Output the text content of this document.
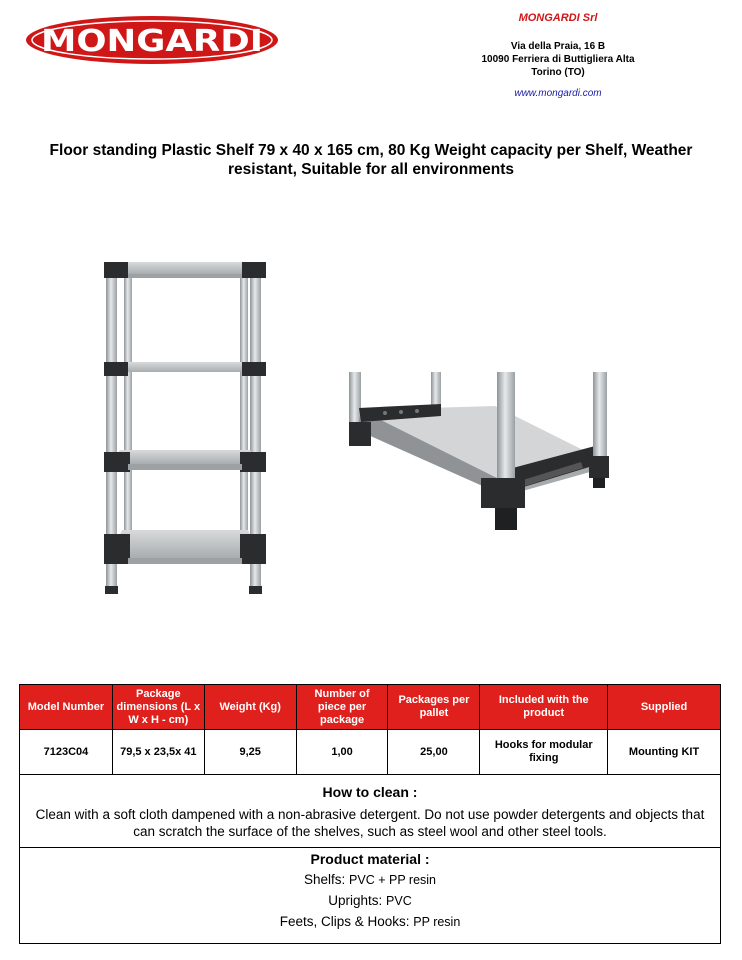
MONGARDI
MONGARDI Srl
Via della Praia, 16 B
10090 Ferriera di Buttigliera Alta
Torino (TO)
www.mongardi.com
Floor standing Plastic Shelf 79 x 40 x 165 cm, 80 Kg Weight capacity per Shelf, Weather resistant, Suitable for all environments
Model Number	Package dimensions (L x W x H - cm)	Weight (Kg)	Number of piece per package	Packages per pallet	Included with the product	Supplied
7123C04	79,5 x 23,5x 41	9,25	1,00	25,00	Hooks for modular fixing	Mounting KIT
How to clean :
Clean with a soft cloth dampened with a non-abrasive detergent. Do not use powder detergents and objects that can scratch the surface of the shelves, such as steel wool and other steel tools.
Product material :
Shelfs: PVC + PP resin
Uprights: PVC
Feets, Clips & Hooks: PP resin
